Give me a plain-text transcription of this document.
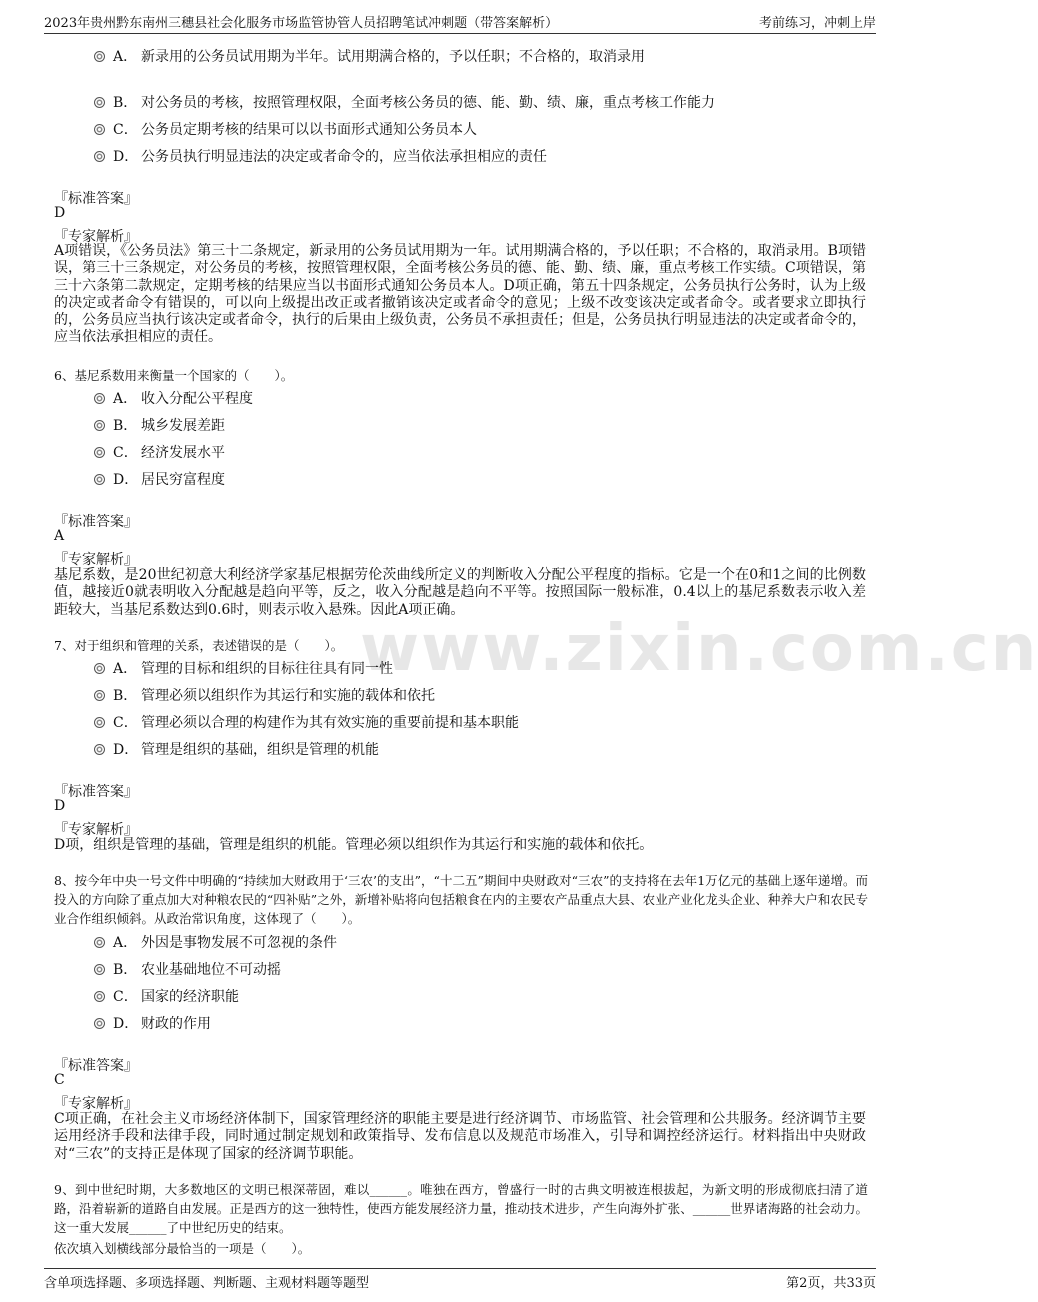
2023年贵州黔东南州三穗县社会化服务市场监管协管人员招聘笔试冲刺题（带答案解析）	考前练习，冲刺上岸
A． 新录用的公务员试用期为半年。试用期满合格的，予以任职；不合格的，取消录用
B． 对公务员的考核，按照管理权限，全面考核公务员的德、能、勤、绩、廉，重点考核工作能力
C． 公务员定期考核的结果可以以书面形式通知公务员本人
D． 公务员执行明显违法的决定或者命令的，应当依法承担相应的责任
『标准答案』
D
『专家解析』
A项错误，《公务员法》第三十二条规定，新录用的公务员试用期为一年。试用期满合格的，予以任职；不合格的，取消录用。B项错误，第三十三条规定，对公务员的考核，按照管理权限，全面考核公务员的德、能、勤、绩、廉，重点考核工作实绩。C项错误，第三十六条第二款规定，定期考核的结果应当以书面形式通知公务员本人。D项正确，第五十四条规定，公务员执行公务时，认为上级的决定或者命令有错误的，可以向上级提出改正或者撤销该决定或者命令的意见；上级不改变该决定或者命令。或者要求立即执行的，公务员应当执行该决定或者命令，执行的后果由上级负责，公务员不承担责任；但是，公务员执行明显违法的决定或者命令的，应当依法承担相应的责任。
6、基尼系数用来衡量一个国家的（　　）。
A． 收入分配公平程度
B． 城乡发展差距
C． 经济发展水平
D． 居民穷富程度
『标准答案』
A
『专家解析』
基尼系数，是20世纪初意大利经济学家基尼根据劳伦茨曲线所定义的判断收入分配公平程度的指标。它是一个在0和1之间的比例数值，越接近0就表明收入分配越是趋向平等，反之，收入分配越是趋向不平等。按照国际一般标准，0.4以上的基尼系数表示收入差距较大，当基尼系数达到0.6时，则表示收入悬殊。因此A项正确。
www.zixin.com.cn
7、对于组织和管理的关系，表述错误的是（　　）。
A． 管理的目标和组织的目标往往具有同一性
B． 管理必须以组织作为其运行和实施的载体和依托
C． 管理必须以合理的构建作为其有效实施的重要前提和基本职能
D． 管理是组织的基础，组织是管理的机能
『标准答案』
D
『专家解析』
D项，组织是管理的基础，管理是组织的机能。管理必须以组织作为其运行和实施的载体和依托。
8、按今年中央一号文件中明确的“持续加大财政用于‘三农’的支出”，“十二五”期间中央财政对“三农”的支持将在去年1万亿元的基础上逐年递增。而投入的方向除了重点加大对种粮农民的“四补贴”之外，新增补贴将向包括粮食在内的主要农产品重点大县、农业产业化龙头企业、种养大户和农民专业合作组织倾斜。从政治常识角度，这体现了（　　）。
A． 外因是事物发展不可忽视的条件
B． 农业基础地位不可动摇
C． 国家的经济职能
D． 财政的作用
『标准答案』
C
『专家解析』
C项正确，在社会主义市场经济体制下，国家管理经济的职能主要是进行经济调节、市场监管、社会管理和公共服务。经济调节主要运用经济手段和法律手段，同时通过制定规划和政策指导、发布信息以及规范市场准入，引导和调控经济运行。材料指出中央财政对“三农”的支持正是体现了国家的经济调节职能。
9、到中世纪时期，大多数地区的文明已根深蒂固，难以______。唯独在西方，曾盛行一时的古典文明被连根拔起，为新文明的形成彻底扫清了道路，沿着崭新的道路自由发展。正是西方的这一独特性，使西方能发展经济力量，推动技术进步，产生向海外扩张、______世界诸海路的社会动力。这一重大发展______了中世纪历史的结束。
依次填入划横线部分最恰当的一项是（　　）。
含单项选择题、多项选择题、判断题、主观材料题等题型	第2页，共33页
